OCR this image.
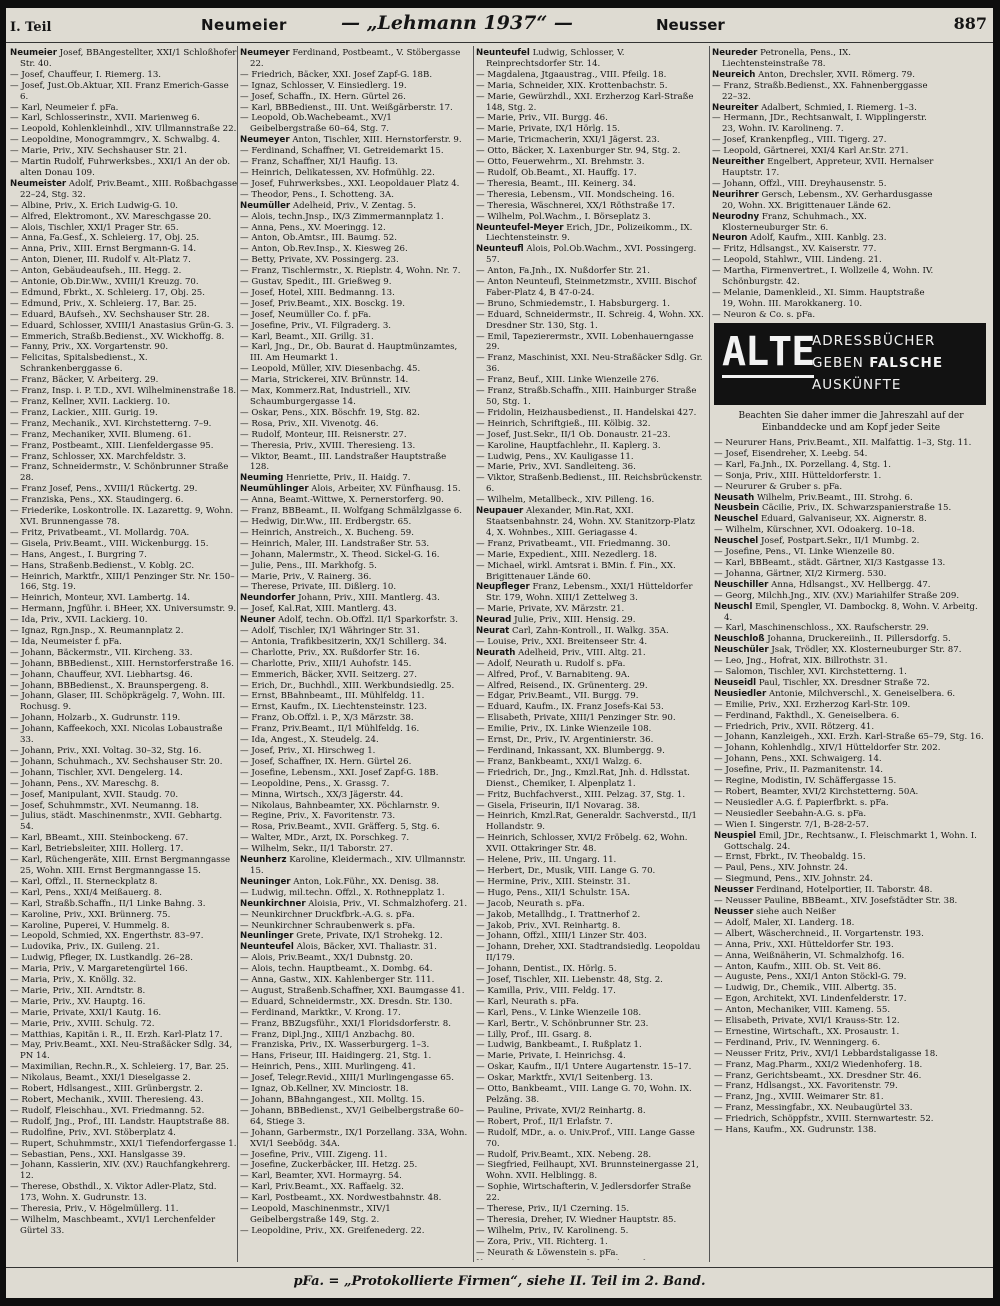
I. Teil	Neumeier	— „Lehmann 1937“ —	Neusser	887

Neumeier Josef, BBAngestellter, XXI/1 Schloßhofer Str. 40.

— Josef, Chauffeur, I. Riemerg. 13.

— Josef, Just.Ob.Aktuar, XII. Franz Emerich-Gasse 6.

— Karl, Neumeier f. pFa.

— Karl, Schlosserinstr., XVII. Marienweg 6.

— Leopold, Kohlenkleinhdl., XIV. Ullmannstraße 22.

— Leopoldine, Monogrammgrv., X. Schwalbg. 4.

— Marie, Priv., XIV. Sechshauser Str. 21.

— Martin Rudolf, Fuhrwerksbes., XXI/1 An der ob. alten Donau 109.

Neumeister Adolf, Priv.Beamt., XIII. Roßbachgasse 22–24, Stg. 32.

— Albine, Priv., X. Erich Ludwig-G. 10.

— Alfred, Elektromont., XV. Mareschgasse 20.

— Alois, Tischler, XXI/1 Prager Str. 65.

— Anna, Fa.Gesf., X. Schleierg. 17, Obj. 25.

— Anna, Priv., XIII. Ernst Bergmann-G. 14.

— Anton, Diener, III. Rudolf v. Alt-Platz 7.

— Anton, Gebäudeaufseh., III. Hegg. 2.

— Antonie, Ob.Dir.Ww., XVIII/1 Kreuzg. 70.

— Edmund, Fbrkt., X. Schleierg. 17, Obj. 25.

— Edmund, Priv., X. Schleierg. 17, Bar. 25.

— Eduard, BAufseh., XV. Sechshauser Str. 28.

— Eduard, Schlosser, XVIII/1 Anastasius Grün-G. 3.

— Emmerich, Straßb.Bedienst., XV. Wickhoffg. 8.

— Fanny, Priv., XX. Vorgartenstr. 90.

— Felicitas, Spitalsbedienst., X. Schrankenberggasse 6.

— Franz, Bäcker, V. Arbeiterg. 29.

— Franz, Insp. i. P. T.D., XVI. Wilhelminenstraße 18.

— Franz, Kellner, XVII. Lackierg. 10.

— Franz, Lackier., XIII. Gurig. 19.

— Franz, Mechanik., XVI. Kirchstetterng. 7–9.

— Franz, Mechaniker, XVII. Blumeng. 61.

— Franz, Postbeamt., XIII. Lienfeldergasse 95.

— Franz, Schlosser, XX. Marchfeldstr. 3.

— Franz, Schneidermstr., V. Schönbrunner Straße 28.

— Franz Josef, Pens., XVIII/1 Rückertg. 29.

— Franziska, Pens., XX. Staudingerg. 6.

— Friederike, Loskontrolle. IX. Lazarettg. 9, Wohn. XVI. Brunnengasse 78.

— Fritz, Privatbeamt., VI. Mollardg. 70A.

— Gisela, Priv.Beamt., VIII. Wickenburgg. 15.

— Hans, Angest., I. Burgring 7.

— Hans, Straßenb.Bedienst., V. Koblg. 2C.

— Heinrich, Marktfr., XIII/1 Penzinger Str. Nr. 150–166, Stg. 19.

— Heinrich, Monteur, XVI. Lambertg. 14.

— Hermann, Jngführ. i. BHeer, XX. Universumstr. 9.

— Ida, Priv., XVII. Lackierg. 10.

— Ignaz, Rgn.Jnsp., X. Reumannplatz 2.

— Ida, Neumeister f. pFa.

— Johann, Bäckermstr., VII. Kircheng. 33.

— Johann, BBBedienst., XIII. Hernstorferstraße 16.

— Johann, Chauffeur, XVI. Liebhartsg. 46.

— Johann, BBBedienst., X. Braunspergeng. 8.

— Johann, Glaser, III. Schöpkrägelg. 7, Wohn. III. Rochusg. 9.

— Johann, Holzarb., X. Gudrunstr. 119.

— Johann, Kaffeekoch, XXI. Nicolas Lobaustraße 33.

— Johann, Priv., XXI. Voltag. 30–32, Stg. 16.

— Johann, Schuhmach., XV. Sechshauser Str. 20.

— Johann, Tischler, XVI. Dengelerg. 14.

— Johann, Pens., XV. Mareschg. 8.

— Josef, Manipulant, XVII. Staudg. 70.

— Josef, Schuhmmstr., XVI. Neumanng. 18.

— Julius, städt. Maschinenmstr., XVII. Gebhartg. 54.

— Karl, BBeamt., XIII. Steinbockeng. 67.

— Karl, Betriebsleiter, XIII. Hollerg. 17.

— Karl, Rüchengeräte, XIII. Ernst Bergmanngasse 25, Wohn. XIII. Ernst Bergmanngasse 15.

— Karl, Offzl., II. Sterneckplatz 8.

— Karl, Pens., XXI/4 Meißauerg. 8.

— Karl, Straßb.Schaffn., II/1 Linke Bahng. 3.

— Karoline, Priv., XXI. Brünnerg. 75.

— Karoline, Puperei, V. Hummelg. 8.

— Leopold, Schmied, XX. Engerthstr. 83–97.

— Ludovika, Priv., IX. Guileng. 21.

— Ludwig, Pfleger, IX. Lustkandlg. 26–28.

— Maria, Priv., V. Margaretengürtel 166.

— Maria, Priv., X. Knöllg. 32.

— Marie, Priv., XII. Arndtstr. 8.

— Marie, Priv., XV. Hauptg. 16.

— Marie, Private, XXI/1 Kautg. 16.

— Marie, Priv., XVIII. Schulg. 72.

— Matthias, Kapitän i. R., II. Erzh. Karl-Platz 17.

— May, Priv.Beamt., XXI. Neu-Straßäcker Sdlg. 34, PN 14.

— Maximilian, Rechn.R., X. Schleierg. 17, Bar. 25.

— Nikolaus, Beamt., XXI/1 Dieselgasse 2.

— Robert, Hdlsangest., XIII. Grünbergstr. 2.

— Robert, Mechanik., XVIII. Theresieng. 43.

— Rudolf, Fleischhau., XVI. Friedmanng. 52.

— Rudolf, Jng., Prof., III. Landstr. Hauptstraße 88.

— Rudolfine, Priv., XVI. Stöberplatz 4.

— Rupert, Schuhmmstr., XXI/1 Tiefendorfergasse 1.

— Sebastian, Pens., XXI. Hanslgasse 39.

— Johann, Kassierin, XIV. (XV.) Rauchfangkehrerg. 12.

— Therese, Obsthdl., X. Viktor Adler-Platz, Std. 173, Wohn. X. Gudrunstr. 13.

— Theresia, Priv., V. Högelmüllerg. 11.

— Wilhelm, Maschbeamt., XVI/1 Lerchenfelder Gürtel 33.

Neumeyer Ferdinand, Postbeamt., V. Stöbergasse 22.

— Friedrich, Bäcker, XXI. Josef Zapf-G. 18B.

— Ignaz, Schlosser, V. Einsiedlerg. 19.

— Josef, Schaffn., IX. Hern. Gürtel 26.

— Karl, BBBedienst., III. Unt. Weißgärberstr. 17.

— Leopold, Ob.Wachebeamt., XV/1 Geibelbergstraße 60–64, Stg. 7.

Neumeyer Anton, Tischler, XIII. Hernstorferstr. 9.

— Ferdinand, Schaffner, VI. Getreidemarkt 15.

— Franz, Schaffner, XI/1 Haufig. 13.

— Heinrich, Delikatessen, XV. Hofmühlg. 22.

— Josef, Fuhrwerksbes., XXI. Leopoldauer Platz 4.

— Theodor, Pens., I. Schotteng. 3A.

Neumüller Adelheid, Priv., V. Zentag. 5.

— Alois, techn.Jnsp., IX/3 Zimmermannplatz 1.

— Anna, Pens., XV. Moeringg. 12.

— Anton, Ob.Amtsr., III. Baumg. 52.

— Anton, Ob.Rev.Insp., X. Kiesweg 26.

— Betty, Private, XV. Possingerg. 23.

— Franz, Tischlermstr., X. Rieplstr. 4, Wohn. Nr. 7.

— Gustav, Spedit., III. Grießweg 9.

— Josef, Hotel, XIII. Bedmanng. 13.

— Josef, Priv.Beamt., XIX. Bosckg. 19.

— Josef, Neumüller Co. f. pFa.

— Josefine, Priv., VI. Filgraderg. 3.

— Karl, Beamt., XII. Grillg. 31.

— Karl, Jng., Dr., Ob. Baurat d. Hauptmünzamtes, III. Am Heumarkt 1.

— Leopold, Müller, XIV. Diesenbachg. 45.

— Maria, Strickerei, XIV. Brünnstr. 14.

— Max, Kommerz.Rat, Industriell., XIV. Schaumburgergasse 14.

— Oskar, Pens., XIX. Böschfr. 19, Stg. 82.

— Rosa, Priv., XII. Vivenotg. 46.

— Rudolf, Monteur, III. Reisnerstr. 27.

— Theresia, Priv., XVIII. Theresieng. 13.

— Viktor, Beamt., III. Landstraßer Hauptstraße 128.

Neuming Henriette, Priv., II. Haidg. 7.

Neumühlinger Alois, Arbeiter, XV. Fünfhausg. 15.

— Anna, Beamt.-Wittwe, X. Pernerstorferg. 90.

— Franz, BBBeamt., II. Wolfgang Schmälzlgasse 6.

— Hedwig, Dir.Ww., III. Erdbergstr. 65.

— Heinrich, Anstreich., X. Bucheng. 59.

— Heinrich, Maler, III. Landstraßer Str. 53.

— Johann, Malermstr., X. Theod. Sickel-G. 16.

— Julie, Pens., III. Markhofg. 5.

— Marie, Priv., V. Rainerg. 36.

— Therese, Private, III. Dißlerg. 10.

Neundorfer Johann, Priv., XIII. Mantlerg. 43.

— Josef, Kal.Rat, XIII. Mantlerg. 43.

Neuner Adolf, techn. Ob.Offzl. II/1 Sparkorfstr. 3.

— Adolf, Tischler, IX/1 Währinger Str. 31.

— Antonia, Trafikbesitzerin, XX/1 Schillerg. 34.

— Charlotte, Priv., XX. Rußdorfer Str. 16.

— Charlotte, Priv., XIII/1 Auhofstr. 145.

— Emmerich, Bäcker, XVII. Seitzerg. 27.

— Erich, Dr., Buchhdl., XIII. Werkbundsiedlg. 25.

— Ernst, BBahnbeamt., III. Mühlfeldg. 11.

— Ernst, Kaufm., IX. Liechtensteinstr. 123.

— Franz, Ob.Offzl. i. P., X/3 Märzstr. 38.

— Franz, Priv.Beamt., II/1 Mühlfeldg. 16.

— Ida, Angest., X. Steudelg. 24.

— Josef, Priv., XI. Hirschweg 1.

— Josef, Schaffner, IX. Hern. Gürtel 26.

— Josefine, Lebensm., XXI. Josef Zapf-G. 18B.

— Leopoldine, Pens., X. Grassg. 7.

— Minna, Wirtsch., XX/3 Jägerstr. 44.

— Nikolaus, Bahnbeamter, XX. Pöchlarnstr. 9.

— Regine, Priv., X. Favoritenstr. 73.

— Rosa, Priv.Beamt., XVII. Gräfferg. 5, Stg. 6.

— Walter, MDr., Arzt, IX. Porschkeg. 7.

— Wilhelm, Sekr., II/1 Taborstr. 27.

Neunherz Karoline, Kleidermach., XIV. Ullmannstr. 15.

Neuninger Anton, Lok.Führ., XX. Denisg. 38.

— Ludwig, mil.techn. Offzl., X. Rothnepplatz 1.

Neunkirchner Aloisia, Priv., VI. Schmalzhoferg. 21.

— Neunkirchner Druckfbrk.-A.G. s. pFa.

— Neunkirchner Schraubenwerk s. pFa.

Neunlinger Grete, Private, IX/1 Strohekg. 12.

Neunteufel Alois, Bäcker, XVI. Thaliastr. 31.

— Alois, Priv.Beamt., XX/1 Dubnstg. 20.

— Alois, techn. Hauptbeamt., X. Dombg. 64.

— Anna, Gastw., XIX. Kahlenberger Str. 111.

— August, Straßenb.Schaffner, XXI. Baumgasse 41.

— Eduard, Schneidermstr., XX. Dresdn. Str. 130.

— Ferdinand, Marktkr., V. Krong. 17.

— Franz, BBZugsführ., XXI/1 Floridsdorferstr. 8.

— Franz, Dipl.Jng., XIII/1 Anzbachg. 80.

— Franziska, Priv., IX. Wasserburgerg. 1–3.

— Hans, Friseur, III. Haidingerg. 21, Stg. 1.

— Heinrich, Pens., XIII. Murlingeng. 41.

— Josef, Telegr.Revid., XIII/1 Murlingengasse 65.

— Ignaz, Ob.Kellner, XV. Minciostr. 18.

— Johann, BBahngangest., XII. Molltg. 15.

— Johann, BBBedienst., XV/1 Geibelbergstraße 60–64, Stiege 3.

— Johann, Garbermstr., IX/1 Porzellang. 33A, Wohn. XVI/1 Seebödg. 34A.

— Josefine, Priv., VIII. Zigeng. 11.

— Josefine, Zuckerbäcker, III. Hetzg. 25.

— Karl, Beamter, XVI. Hormayrg. 54.

— Karl, Priv.Beamt., XX. Raffaelg. 32.

— Karl, Postbeamt., XX. Nordwestbahnstr. 48.

— Leopold, Maschinenmstr., XIV/1 Geibelbergstraße 149, Stg. 2.

— Leopoldine, Priv., XX. Greifenederg. 22.

Neunteufel Ludwig, Schlosser, V. Reinprechtsdorfer Str. 14.

— Magdalena, Jtgaaustrag., VIII. Pfeilg. 18.

— Maria, Schneider, XIX. Krottenbachstr. 5.

— Marie, Gewürzhdl., XXI. Erzherzog Karl-Straße 148, Stg. 2.

— Marie, Priv., VII. Burgg. 46.

— Marie, Private, IX/1 Hörlg. 15.

— Marie, Tricmacherin, XXI/1 Jägerst. 23.

— Otto, Bäcker, X. Laxenburger Str. 94, Stg. 2.

— Otto, Feuerwehrm., XI. Brehmstr. 3.

— Rudolf, Ob.Beamt., XI. Hauffg. 17.

— Theresia, Beamt., III. Keinerg. 34.

— Theresia, Lebensm., VII. Mondscheing. 16.

— Theresia, Wäschnerei, XX/1 Röthstraße 17.

— Wilhelm, Pol.Wachm., I. Börseplatz 3.

Neunteufel-Meyer Erich, JDr., Polizeikomm., IX. Liechtensteinstr. 9.

Neunteufl Alois, Pol.Ob.Wachm., XVI. Possingerg. 57.

— Anton, Fa.Jnh., IX. Nußdorfer Str. 21.

— Anton Neunteufl, Steinmetzmstr., XVIII. Bischof Faber-Platz 4, B 47-0-24.

— Bruno, Schmiedemstr., I. Habsburgerg. 1.

— Eduard, Schneidermstr., II. Schreig. 4, Wohn. XX. Dresdner Str. 130, Stg. 1.

— Emil, Tapezierermstr., XVII. Lobenhauerngasse 29.

— Franz, Maschinist, XXI. Neu-Straßäcker Sdlg. Gr. 36.

— Franz, Beuf., XIII. Linke Wienzeile 276.

— Franz, Straßb.Schaffn., XIII. Hainburger Straße 50, Stg. 1.

— Fridolin, Heizhausbedienst., II. Handelskai 427.

— Heinrich, Schriftgieß., III. Kölbig. 32.

— Josef, Just.Sekr., II/1 Ob. Donaustr. 21–23.

— Karoline, Hauptfachlehr., II. Kaplerg. 3.

— Ludwig, Pens., XV. Kauligasse 11.

— Marie, Priv., XVI. Sandleiteng. 36.

— Viktor, Straßenb.Bedienst., III. Reichsbrückenstr. 6.

— Wilhelm, Metallbeck., XIV. Pilleng. 16.

Neupauer Alexander, Min.Rat, XXI. Staatsenbahnstr. 24, Wohn. XV. Stanitzorp-Platz 4, X. Wohnbes., XIII. Geriagasse 4.

— Franz, Privatbeamt., VII. Friedmanng. 30.

— Marie, Expedient., XIII. Nezedlerg. 18.

— Michael, wirkl. Amtsrat i. BMin. f. Fin., XX. Brigittenauer Lände 60.

Neupfleger Franz, Lebensm., XXI/1 Hütteldorfer Str. 179, Wohn. XIII/1 Zettelweg 3.

— Marie, Private, XV. Märzstr. 21.

Neurad Julie, Priv., XIII. Hensig. 29.

Neurat Carl, Zahn-Kontroll., II. Walkg. 35A.

— Louise, Priv., XXI. Breitenseer Str. 4.

Neurath Adelheid, Priv., VIII. Altg. 21.

— Adolf, Neurath u. Rudolf s. pFa.

— Alfred, Prof., V. Barnabiteng. 9A.

— Alfred, Reisend., IX. Grünenterg. 29.

— Edgar, Priv.Beamt., VII. Burgg. 79.

— Eduard, Kaufm., IX. Franz Josefs-Kai 53.

— Elisabeth, Private, XIII/1 Penzinger Str. 90.

— Emilie, Priv., IX. Linke Wienzeile 108.

— Ernst, Dr., Priv., IV. Argentinierstr. 36.

— Ferdinand, Inkassant, XX. Blumbergg. 9.

— Franz, Bankbeamt., XXI/1 Walzg. 6.

— Friedrich, Dr., Jng., Kmzl.Rat, Jnh. d. Hdlsstat. Dienst., Chemiker, I. Alpenplatz 1.

— Fritz, Buchfachverst., XIII. Pelzag. 37, Stg. 1.

— Gisela, Friseurin, II/1 Novarag. 38.

— Heinrich, Kmzl.Rat, Generaldr. Sachverstd., II/1 Hollandstr. 9.

— Heinrich, Schlosser, XVI/2 Fröbelg. 62, Wohn. XVII. Ottakringer Str. 48.

— Helene, Priv., III. Ungarg. 11.

— Herbert, Dr., Musik, VIII. Lange G. 70.

— Hermine, Priv., XIII. Steinstr. 31.

— Hugo, Pens., XII/1 Schulstr. 15A.

— Jacob, Neurath s. pFa.

— Jakob, Metallhdg., I. Trattnerhof 2.

— Jakob, Priv., XVI. Reinhartg. 8.

— Johann, Offzl., XIII/1 Linzer Str. 403.

— Johann, Dreher, XXI. Stadtrandsiedlg. Leopoldau II/179.

— Johann, Dentist., IX. Hörlg. 5.

— Josef, Tischler, XII. Liebenstr. 48, Stg. 2.

— Kamilla, Priv., VIII. Feldg. 17.

— Karl, Neurath s. pFa.

— Karl, Pens., V. Linke Wienzeile 108.

— Karl, Bertr., V. Schönbrunner Str. 23.

— Lilly, Prof., III. Gsarg. 8.

— Ludwig, Bankbeamt., I. Rußplatz 1.

— Marie, Private, I. Heinrichsg. 4.

— Oskar, Kaufm., II/1 Untere Augartenstr. 15–17.

— Oskar, Marktfr., XVI/1 Seitenberg. 13.

— Otto, Bankbeamt., VIII. Lange G. 70, Wohn. IX. Pelzäng. 38.

— Pauline, Private, XVI/2 Reinhartg. 8.

— Robert, Prof., II/1 Erlafstr. 7.

— Rudolf, MDr., a. o. Univ.Prof., VIII. Lange Gasse 70.

— Rudolf, Priv.Beamt., XIX. Nebeng. 28.

— Siegfried, Feilhaupt, XVI. Brunnsteinergasse 21, Wohn. XVII. Helblingg. 8.

— Sophie, Wirtschafterin, V. Jedlersdorfer Straße 22.

— Therese, Priv., II/1 Czerning. 15.

— Theresia, Dreher, IV. Wiedner Hauptstr. 85.

— Wilhelm, Priv., IV. Karolineng. 5.

— Zora, Priv., VII. Richterg. 1.

— Neurath & Löwenstein s. pFa.

Neureder Petronella, Pens., IX. Liechtensteinstraße 78.

Neureich Anton, Drechsler, XVII. Römerg. 79.

— Franz, Straßb.Bedienst., XX. Fahnenberggasse 22–32.

Neureiter Adalbert, Schmied, I. Riemerg. 1–3.

— Hermann, JDr., Rechtsanwalt, I. Wipplingerstr. 23, Wohn. IV. Karolineng. 7.

— Josef, Krankenpfleg., VIII. Tigerg. 27.

— Leopold, Gärtnerei, XXI/4 Karl Ar.Str. 271.

Neureither Engelbert, Appreteur, XVII. Hernalser Hauptstr. 17.

— Johann, Offzl., VIII. Dreyhausenstr. 5.

Neurihrer Gersch, Lebensm., XV. Gerhardusgasse 20, Wohn. XX. Brigittenauer Lände 62.

Neurodny Franz, Schuhmach., XX. Klosterneuburger Str. 6.

Neuron Adolf, Kaufm., XIII. Kanblg. 23.

— Fritz, Hdlsangst., XV. Kaiserstr. 77.

— Leopold, Stahlwr., VIII. Lindeng. 21.

— Martha, Firmenvertret., I. Wollzeile 4, Wohn. IV. Schönburgstr. 42.

— Melanie, Damenkleid., XI. Simm. Hauptstraße 19, Wohn. III. Marokkanerg. 10.

— Neuron & Co. s. pFa.

ALTE
ADRESSBÜCHER
GEBEN FALSCHE
AUSKÜNFTE
Beachten Sie daher immer die Jahreszahl auf der Einbanddecke und am Kopf jeder Seite

— Neururer Hans, Priv.Beamt., XII. Malfattig. 1–3, Stg. 11.

— Josef, Eisendreher, X. Leebg. 54.

— Karl, Fa.Jnh., IX. Porzellang. 4, Stg. 1.

— Sonja, Priv., XIII. Hütteldorferstr. 1.

— Neururer & Gruber s. pFa.

Neusath Wilhelm, Priv.Beamt., III. Strohg. 6.

Neusbein Cäcilie, Priv., IX. Schwarzspanierstraße 15.

Neuschel Eduard, Galvaniseur, XX. Aignerstr. 8.

— Wilhelm, Kürschner, XVI. Odoakerg. 10–18.

Neuschel Josef, Postpart.Sekr., II/1 Mumbg. 2.

— Josefine, Pens., VI. Linke Wienzeile 80.

— Karl, BBBeamt., städt. Gärtner, XI/3 Kastgasse 13.

— Johanna, Gärtner, XI/2 Kirmerg. 530.

Neuschiller Anna, Hdlsangst., XV. Hellbergg. 47.

— Georg, Milchh.Jng., XIV. (XV.) Mariahilfer Straße 209.

Neuschl Emil, Spengler, VI. Dambockg. 8, Wohn. V. Arbeitg. 4.

— Karl, Maschinenschloss., XX. Raufscherstr. 29.

Neuschloß Johanna, Druckereiinh., II. Pillersdorfg. 5.

Neuschüler Jsak, Trödler, XX. Klosterneuburger Str. 87.

— Leo, Jng., Hofrat, XIX. Billrothstr. 31.

— Salomon, Tischler, XVI. Kirchstetterng. 1.

Neuseidl Paul, Tischler, XX. Dresdner Straße 72.

Neusiedler Antonie, Milchverschl., X. Geneiselbera. 6.

— Emilie, Priv., XXI. Erzherzog Karl-Str. 109.

— Ferdinand, Fakthdl., X. Geneiselbera. 6.

— Friedrich, Priv., XVII. Rötzerg. 41.

— Johann, Kanzleigeh., XXI. Erzh. Karl-Straße 65–79, Stg. 16.

— Johann, Kohlenhdlg., XIV/1 Hütteldorfer Str. 202.

— Johann, Pens., XXI. Schwaigerg. 14.

— Josefine, Priv., II. Pazmanitenstr. 14.

— Regine, Modistin, IV. Schäffergasse 15.

— Robert, Beamter, XVI/2 Kirchstetterng. 50A.

— Neusiedler A.G. f. Papierfbrkt. s. pFa.

— Neusiedler Seebahn-A.G. s. pFa.

— Wien I. Singerstr. 7/1, B-28-2-57.

Neuspiel Emil, JDr., Rechtsanw., I. Fleischmarkt 1, Wohn. I. Gottschalg. 24.

— Ernst, Fbrkt., IV. Theobaldg. 15.

— Paul, Pens., XIV. Johnstr. 24.

— Siegmund, Pens., XIV. Johnstr. 24.

Neusser Ferdinand, Hotelportier, II. Taborstr. 48.

— Neusser Pauline, BBBeamt., XIV. Josefstädter Str. 38.

Neusser siehe auch Neißer

— Adolf, Maler, XI. Landerg. 18.

— Albert, Wäscherchneid., II. Vorgartenstr. 193.

— Anna, Priv., XXI. Hütteldorfer Str. 193.

— Anna, Weißnäherin, VI. Schmalzhofg. 16.

— Anton, Kaufm., XIII. Ob. St. Veit 86.

— Auguste, Pens., XXI/1 Anton Stöckl-G. 79.

— Ludwig, Dr., Chemik., VIII. Albertg. 35.

— Egon, Architekt, XVI. Lindenfelderstr. 17.

— Anton, Mechaniker, VIII. Kameng. 55.

— Elisabeth, Private, XVI/1 Krauss-Str. 12.

— Ernestine, Wirtschaft., XX. Prosaustr. 1.

— Ferdinand, Priv., IV. Wenningerg. 6.

— Neusser Fritz, Priv., XVI/1 Lebbardstaligasse 18.

— Franz, Mag.Pharm., XXI/2 Wiedenhoferg. 18.

— Franz, Gerichtsbeamt., XX. Dresdner Str. 46.

— Franz, Hdlsangst., XX. Favoritenstr. 79.

— Franz, Jng., XVIII. Weimarer Str. 81.

— Franz, Messingfabr., XX. Neubaugürtel 33.

— Friedrich, Schöppfstr., XVIII. Sternwartestr. 52.

— Hans, Kaufm., XX. Gudrunstr. 138.

pFa. = „Protokollierte Firmen“, siehe II. Teil im 2. Band.
